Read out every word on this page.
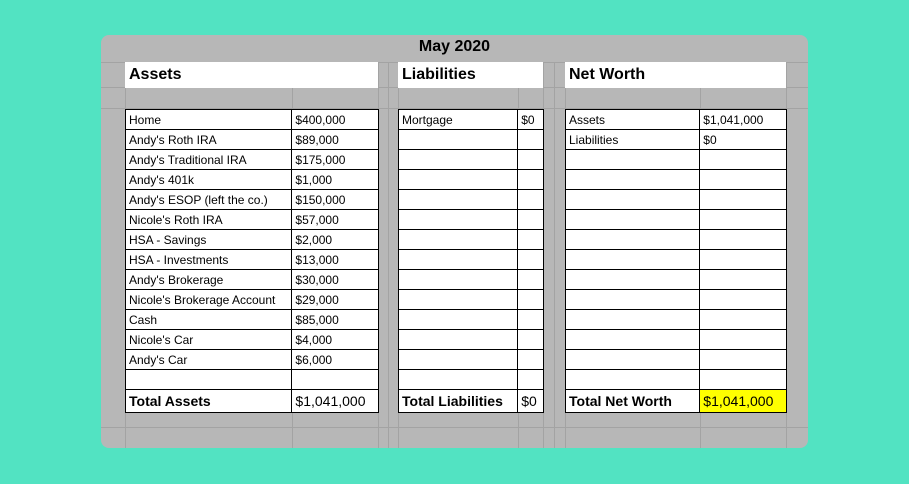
May 2020
Assets	Liabilities	Net Worth
Home	$400,000
Andy's Roth IRA	$89,000
Andy's Traditional IRA	$175,000
Andy's 401k	$1,000
Andy's ESOP (left the co.)	$150,000
Nicole's Roth IRA	$57,000
HSA - Savings	$2,000
HSA - Investments	$13,000
Andy's Brokerage	$30,000
Nicole's Brokerage Account	$29,000
Cash	$85,000
Nicole's Car	$4,000
Andy's Car	$6,000

Total Assets	$1,041,000
Mortgage	$0

Total Liabilities	$0
Assets	$1,041,000
Liabilities	$0

Total Net Worth	$1,041,000
